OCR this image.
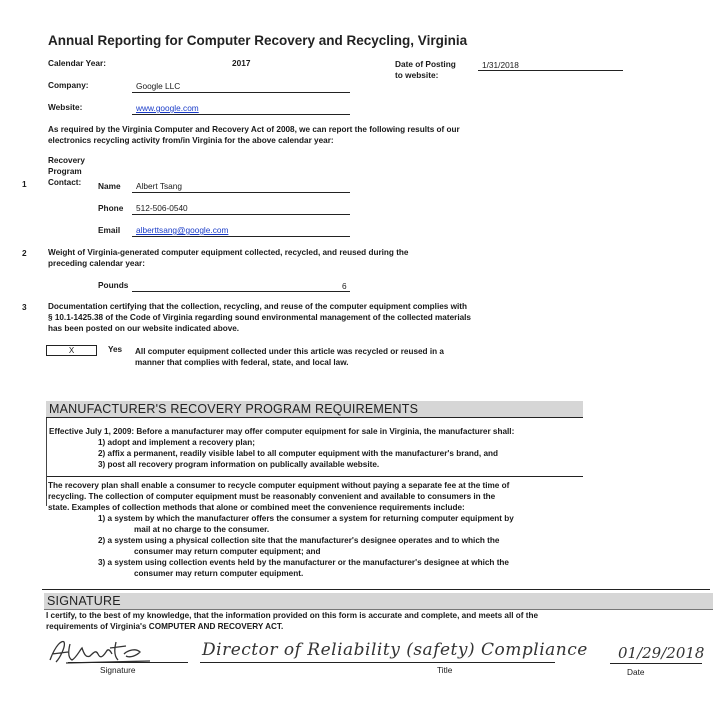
Annual Reporting for Computer Recovery and Recycling, Virginia
Calendar Year:	2017	Date of Posting
to website:
1/31/2018
Company:	Google LLC
Website:	www.google.com
As required by the Virginia Computer and Recovery Act of 2008, we can report the following results of our
electronics recycling activity from/in Virginia for the above calendar year:
Recovery
Program
1	Contact: Name Albert Tsang
Phone 512-506-0540
Email alberttsang@google.com
2	Weight of Virginia-generated computer equipment collected, recycled, and reused during the
preceding calendar year:
Pounds	6
3	Documentation certifying that the collection, recycling, and reuse of the computer equipment complies with
§ 10.1-1425.38 of the Code of Virginia regarding sound environmental management of the collected materials
has been posted on our website indicated above.
X	Yes All computer equipment collected under this article was recycled or reused in a
manner that complies with federal, state, and local law.
MANUFACTURER'S RECOVERY PROGRAM REQUIREMENTS
Effective July 1, 2009: Before a manufacturer may offer computer equipment for sale in Virginia, the manufacturer shall:
1) adopt and implement a recovery plan;
2) affix a permanent, readily visible label to all computer equipment with the manufacturer's brand, and
3) post all recovery program information on publically available website.
The recovery plan shall enable a consumer to recycle computer equipment without paying a separate fee at the time of
recycling. The collection of computer equipment must be reasonably convenient and available to consumers in the
state. Examples of collection methods that alone or combined meet the convenience requirements include:
1) a system by which the manufacturer offers the consumer a system for returning computer equipment by
mail at no charge to the consumer.
2) a system using a physical collection site that the manufacturer's designee operates and to which the
consumer may return computer equipment; and
3) a system using collection events held by the manufacturer or the manufacturer's designee at which the
consumer may return computer equipment.
SIGNATURE
I certify, to the best of my knowledge, that the information provided on this form is accurate and complete, and meets all of the
requirements of Virginia's COMPUTER AND RECOVERY ACT.
Signature
Director of Reliability (safety) Compliance
Title
01/29/2018
Date
